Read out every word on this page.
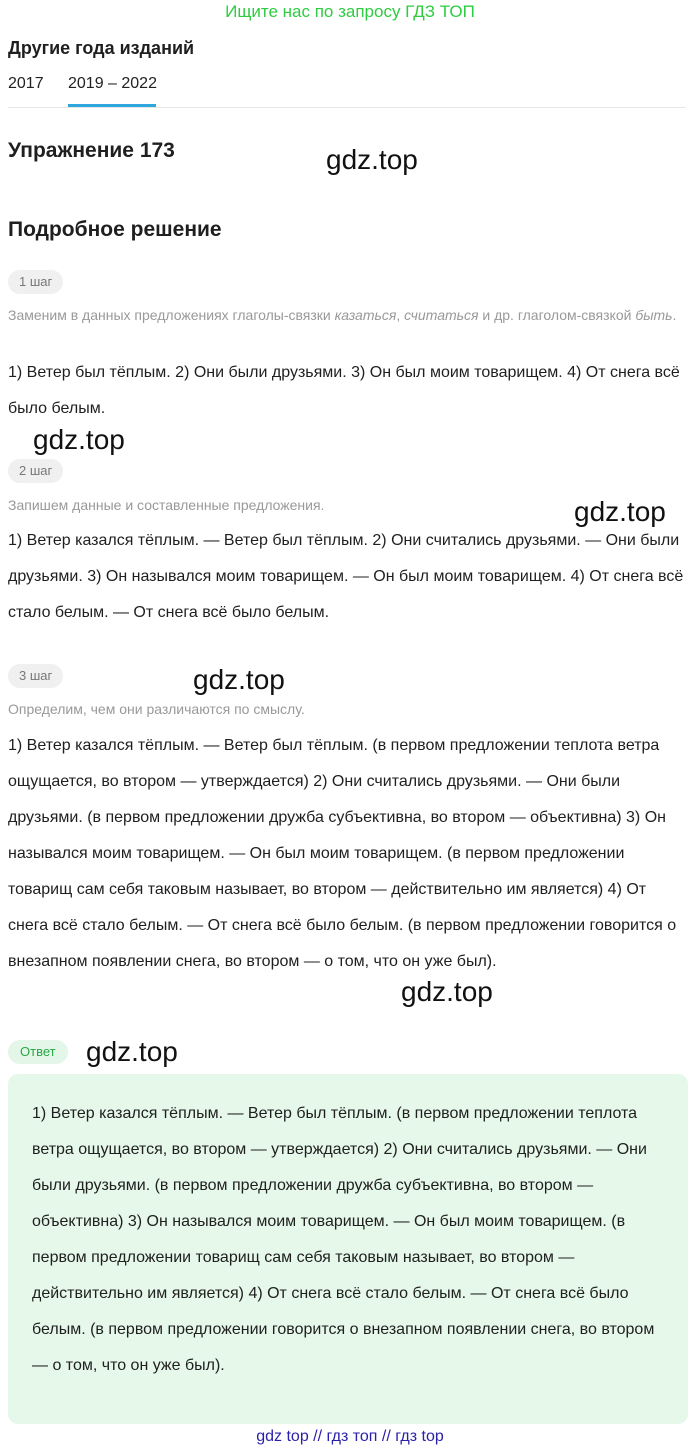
Ищите нас по запросу ГДЗ ТОП
Другие года изданий
2017 2019 – 2022
Упражнение 173	gdz.top
Подробное решение
1 шаг
Заменим в данных предложениях глаголы-связки казаться, считаться и др. глаголом-связкой быть.
1) Ветер был тёплым. 2) Они были друзьями. 3) Он был моим товарищем. 4) От снега всё было белым.
gdz.top
2 шаг
Запишем данные и составленные предложения.	gdz.top
1) Ветер казался тёплым. — Ветер был тёплым. 2) Они считались друзьями. — Они были друзьями. 3) Он назывался моим товарищем. — Он был моим товарищем. 4) От снега всё стало белым. — От снега всё было белым.
3 шаг	gdz.top
Определим, чем они различаются по смыслу.
1) Ветер казался тёплым. — Ветер был тёплым. (в первом предложении теплота ветра ощущается, во втором — утверждается) 2) Они считались друзьями. — Они были друзьями. (в первом предложении дружба субъективна, во втором — объективна) 3) Он назывался моим товарищем. — Он был моим товарищем. (в первом предложении товарищ сам себя таковым называет, во втором — действительно им является) 4) От снега всё стало белым. — От снега всё было белым. (в первом предложении говорится о внезапном появлении снега, во втором — о том, что он уже был).
gdz.top
Ответ	gdz.top
1) Ветер казался тёплым. — Ветер был тёплым. (в первом предложении теплота ветра ощущается, во втором — утверждается) 2) Они считались друзьями. — Они были друзьями. (в первом предложении дружба субъективна, во втором — объективна) 3) Он назывался моим товарищем. — Он был моим товарищем. (в первом предложении товарищ сам себя таковым называет, во втором — действительно им является) 4) От снега всё стало белым. — От снега всё было белым. (в первом предложении говорится о внезапном появлении снега, во втором — о том, что он уже был).
gdz top // гдз топ // гдз top
